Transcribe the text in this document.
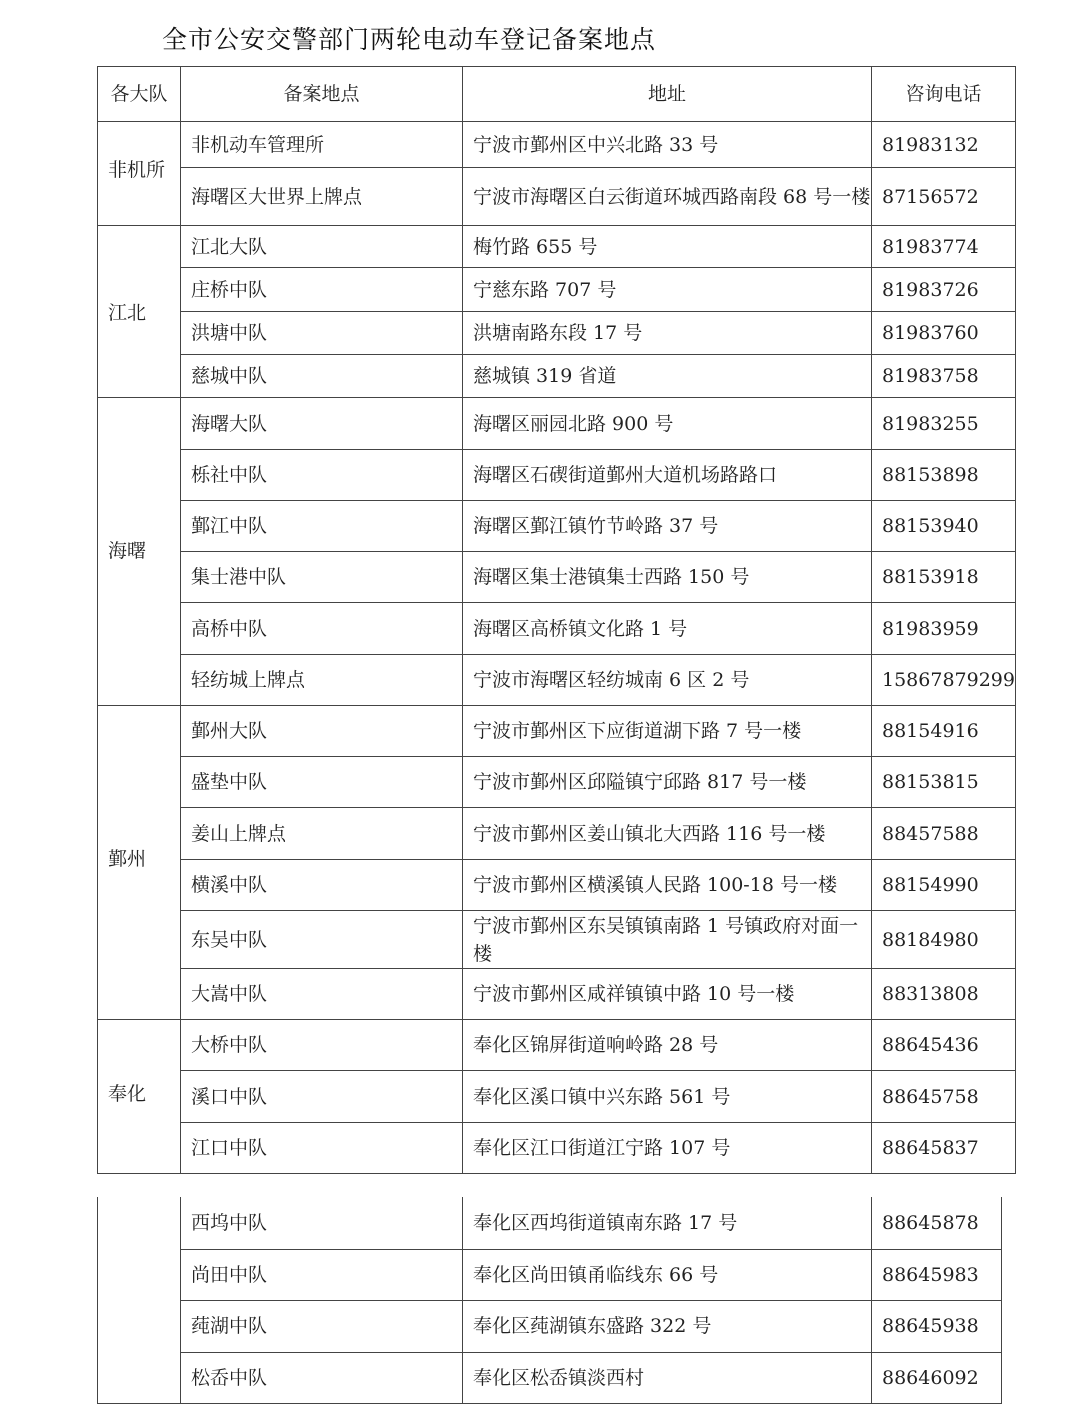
全市公安交警部门两轮电动车登记备案地点
各大队	备案地点	地址	咨询电话
非机所	非机动车管理所	宁波市鄞州区中兴北路 33 号	81983132
	海曙区大世界上牌点	宁波市海曙区白云街道环城西路南段 68 号一楼	87156572
江北	江北大队	梅竹路 655 号	81983774
	庄桥中队	宁慈东路 707 号	81983726
	洪塘中队	洪塘南路东段 17 号	81983760
	慈城中队	慈城镇 319 省道	81983758
海曙	海曙大队	海曙区丽园北路 900 号	81983255
	栎社中队	海曙区石碶街道鄞州大道机场路路口	88153898
	鄞江中队	海曙区鄞江镇竹节岭路 37 号	88153940
	集士港中队	海曙区集士港镇集士西路 150 号	88153918
	高桥中队	海曙区高桥镇文化路 1 号	81983959
	轻纺城上牌点	宁波市海曙区轻纺城南 6 区 2 号	15867879299
鄞州	鄞州大队	宁波市鄞州区下应街道湖下路 7 号一楼	88154916
	盛垫中队	宁波市鄞州区邱隘镇宁邱路 817 号一楼	88153815
	姜山上牌点	宁波市鄞州区姜山镇北大西路 116 号一楼	88457588
	横溪中队	宁波市鄞州区横溪镇人民路 100-18 号一楼	88154990
	东吴中队	宁波市鄞州区东吴镇镇南路 1 号镇政府对面一楼	88184980
	大嵩中队	宁波市鄞州区咸祥镇镇中路 10 号一楼	88313808
奉化	大桥中队	奉化区锦屏街道响岭路 28 号	88645436
	溪口中队	奉化区溪口镇中兴东路 561 号	88645758
	江口中队	奉化区江口街道江宁路 107 号	88645837
	西坞中队	奉化区西坞街道镇南东路 17 号	88645878
	尚田中队	奉化区尚田镇甬临线东 66 号	88645983
	莼湖中队	奉化区莼湖镇东盛路 322 号	88645938
	松岙中队	奉化区松岙镇淡西村	88646092
